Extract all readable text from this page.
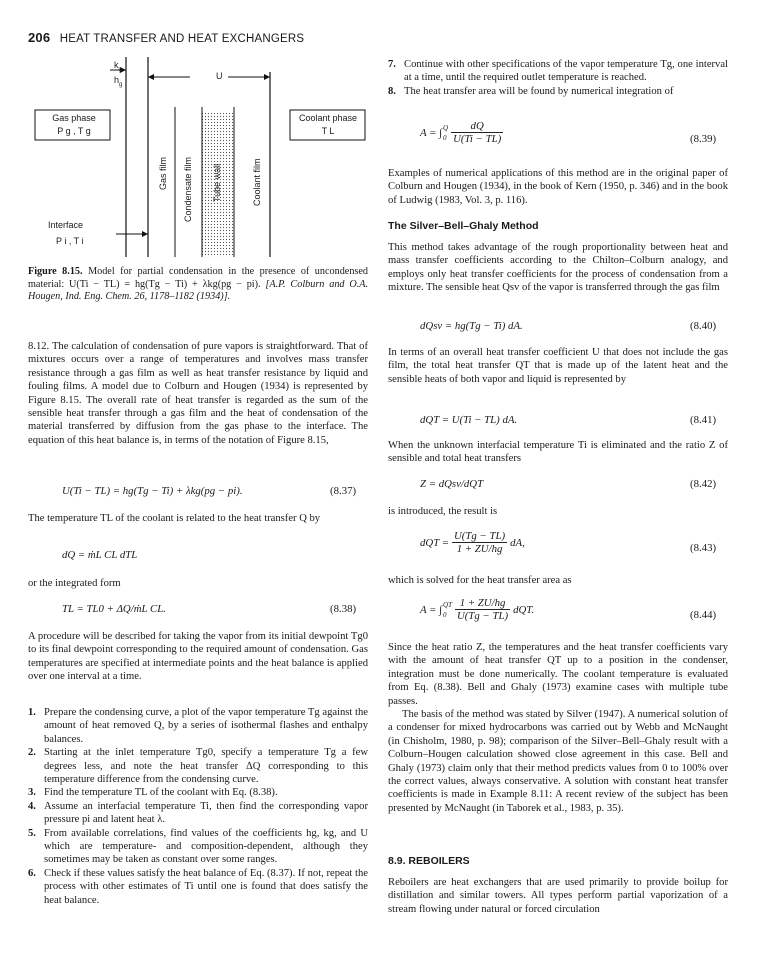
206 HEAT TRANSFER AND HEAT EXCHANGERS
$k_g$
$h_g$
U
Gas phase
P g , T g
Coolant phase
T L
Interface
P i , T i
Gas film Condensate film Tube wall	Coolant film
Figure 8.15. Model for partial condensation in the presence of uncondensed material: U(Ti − TL) = hg(Tg − Ti) + λkg(pg − pi). [A.P. Colburn and O.A. Hougen, Ind. Eng. Chem. 26, 1178–1182 (1934)].
8.12. The calculation of condensation of pure vapors is straightforward. That of mixtures occurs over a range of temperatures and involves mass transfer resistance through a gas film as well as heat transfer resistance by liquid and fouling films. A model due to Colburn and Hougen (1934) is represented by Figure 8.15. The overall rate of heat transfer is regarded as the sum of the sensible heat transfer through a gas film and the heat of condensation of the material transferred by diffusion from the gas phase to the interface. The equation of this heat balance is, in terms of the notation of Figure 8.15,
U(Ti − TL) = hg(Tg − Ti) + λkg(pg − pi).	(8.37)
The temperature TL of the coolant is related to the heat transfer Q by
dQ = ṁL CL dTL
or the integrated form
TL = TL0 + ΔQ/ṁL CL.	(8.38)
A procedure will be described for taking the vapor from its initial dewpoint Tg0 to its final dewpoint corresponding to the required amount of condensation. Gas temperatures are specified at intermediate points and the heat balance is applied over one interval at a time.
1. Prepare the condensing curve, a plot of the vapor temperature Tg against the amount of heat removed Q, by a series of isothermal flashes and enthalpy balances.
2. Starting at the inlet temperature Tg0, specify a temperature Tg a few degrees less, and note the heat transfer ΔQ corresponding to this temperature difference from the condensing curve.
3. Find the temperature TL of the coolant with Eq. (8.38).
4. Assume an interfacial temperature Ti, then find the corresponding vapor pressure pi and latent heat λ.
5. From available correlations, find values of the coefficients hg, kg, and U which are temperature- and composition-dependent, although they sometimes may be taken as constant over some ranges.
6. Check if these values satisfy the heat balance of Eq. (8.37). If not, repeat the process with other estimates of Ti until one is found that does satisfy the heat balance.
7. Continue with other specifications of the vapor temperature Tg, one interval at a time, until the required outlet temperature is reached.
8. The heat transfer area will be found by numerical integration of
A = ∫ Q
$0 \frac{dQ}{U(Ti - TL)}$	(8.39)
Examples of numerical applications of this method are in the original paper of Colburn and Hougen (1934), in the book of Kern (1950, p. 346) and in the book of Ludwig (1983, Vol. 3, p. 116).
The Silver–Bell–Ghaly Method
This method takes advantage of the rough proportionality between heat and mass transfer coefficients according to the Chilton–Colburn analogy, and employs only heat transfer coefficients for the process of condensation from a mixture. The sensible heat Qsv of the vapor is transferred through the gas film
dQsv = hg(Tg − Ti) dA.	(8.40)
In terms of an overall heat transfer coefficient U that does not include the gas film, the total heat transfer QT that is made up of the latent heat and the sensible heats of both vapor and liquid is represented by
dQT = U(Ti − TL) dA.	(8.41)
When the unknown interfacial temperature Ti is eliminated and the ratio Z of sensible and total heat transfers
Z = dQsv/dQT	(8.42)
is introduced, the result is
dQT = $\frac{U(Tg - TL)}{1 + ZU/hg}$ dA,	(8.43)
which is solved for the heat transfer area as
A = ∫ QT
$0 \frac{1 + ZU/hg}{U(Tg - TL)}$ dQT.	(8.44)
Since the heat ratio Z, the temperatures and the heat transfer coefficients vary with the amount of heat transfer QT up to a position in the condenser, integration must be done numerically. The coolant temperature is evaluated from Eq. (8.38). Bell and Ghaly (1973) examine cases with multiple tube passes.
The basis of the method was stated by Silver (1947). A numerical solution of a condenser for mixed hydrocarbons was carried out by Webb and McNaught (in Chisholm, 1980, p. 98); comparison of the Silver–Bell–Ghaly result with a Colburn–Hougen calculation showed close agreement in this case. Bell and Ghaly (1973) claim only that their method predicts values from 0 to 100% over the correct values, always conservative. A solution with constant heat transfer coefficients is made in Example 8.11: A recent review of the subject has been presented by McNaught (in Taborek et al., 1983, p. 35).
8.9. REBOILERS
Reboilers are heat exchangers that are used primarily to provide boilup for distillation and similar towers. All types perform partial vaporization of a stream flowing under natural or forced circulation
